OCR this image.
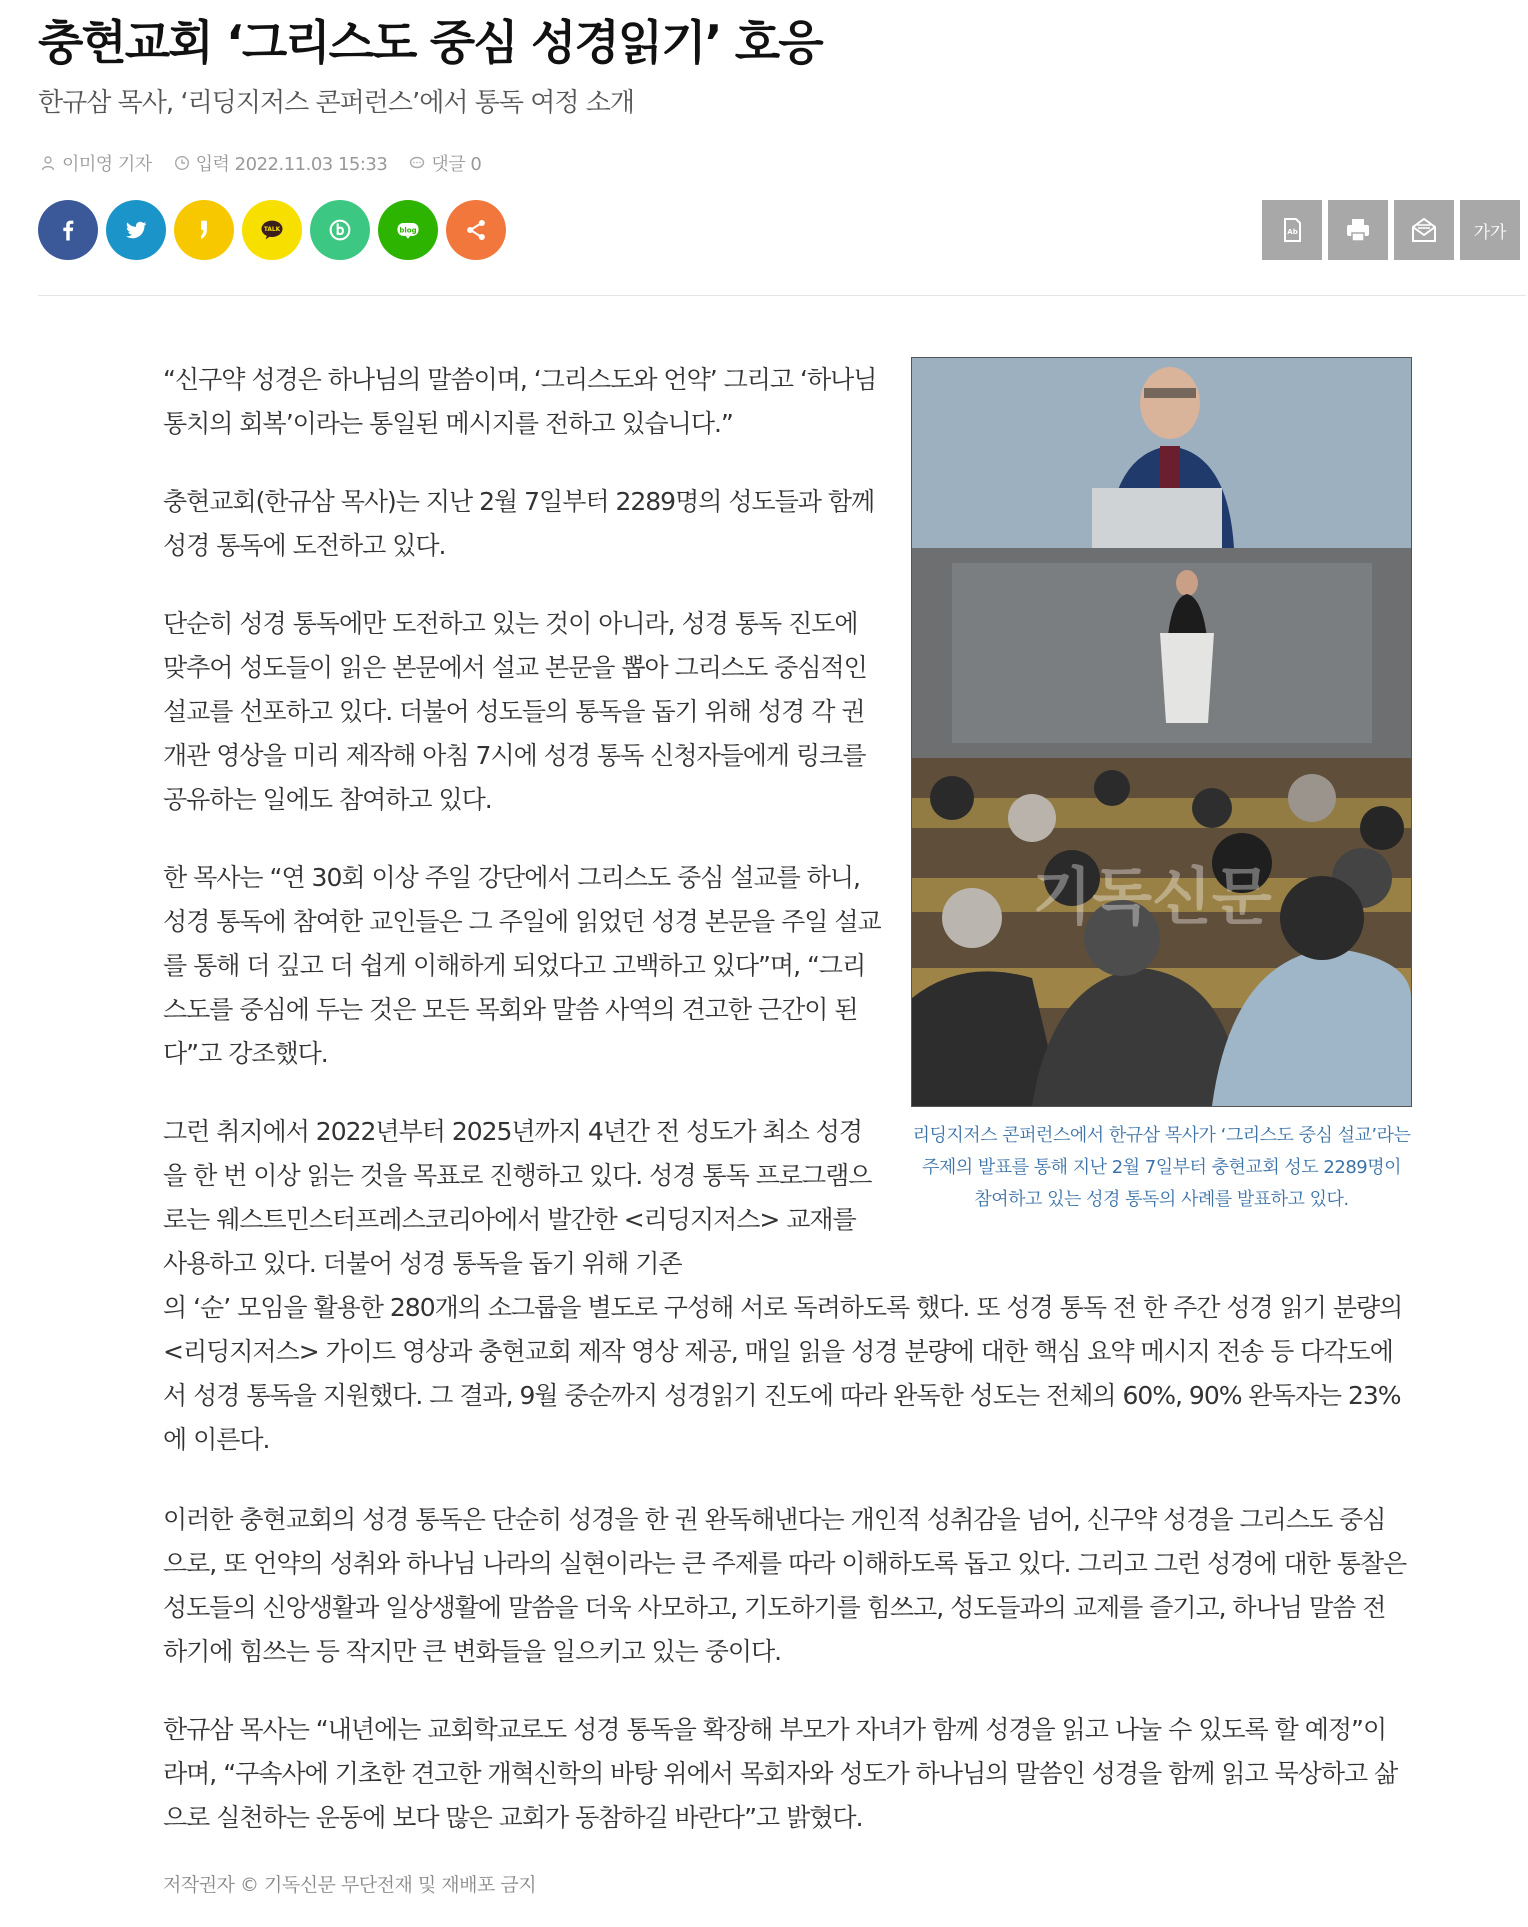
충현교회 ‘그리스도 중심 성경읽기’ 호응
한규삼 목사, ‘리딩지저스 콘퍼런스’에서 통독 여정 소개
이미영 기자 입력 2022.11.03 15:33 댓글 0
TALK	blog	Ab	가가

“신구약 성경은 하나님의 말씀이며, ‘그리스도와 언약’ 그리고 ‘하나님 통치의 회복’이라는 통일된 메시지를 전하고 있습니다.”

충현교회(한규삼 목사)는 지난 2월 7일부터 2289명의 성도들과 함께 성경 통독에 도전하고 있다.

단순히 성경 통독에만 도전하고 있는 것이 아니라, 성경 통독 진도에 맞추어 성도들이 읽은 본문에서 설교 본문을 뽑아 그리스도 중심적인 설교를 선포하고 있다. 더불어 성도들의 통독을 돕기 위해 성경 각 권 개관 영상을 미리 제작해 아침 7시에 성경 통독 신청자들에게 링크를 공유하는 일에도 참여하고 있다.

한 목사는 “연 30회 이상 주일 강단에서 그리스도 중심 설교를 하니, 성경 통독에 참여한 교인들은 그 주일에 읽었던 성경 본문을 주일 설교를 통해 더 깊고 더 쉽게 이해하게 되었다고 고백하고 있다”며, “그리스도를 중심에 두는 것은 모든 목회와 말씀 사역의 견고한 근간이 된다”고 강조했다.

그런 취지에서 2022년부터 2025년까지 4년간 전 성도가 최소 성경을 한 번 이상 읽는 것을 목표로 진행하고 있다. 성경 통독 프로그램으로는 웨스트민스터프레스코리아에서 발간한 <리딩지저스> 교재를 사용하고 있다. 더불어 성경 통독을 돕기 위해 기존

의 ‘순’ 모임을 활용한 280개의 소그룹을 별도로 구성해 서로 독려하도록 했다. 또 성경 통독 전 한 주간 성경 읽기 분량의 <리딩지저스> 가이드 영상과 충현교회 제작 영상 제공, 매일 읽을 성경 분량에 대한 핵심 요약 메시지 전송 등 다각도에서 성경 통독을 지원했다. 그 결과, 9월 중순까지 성경읽기 진도에 따라 완독한 성도는 전체의 60%, 90% 완독자는 23%에 이른다.

이러한 충현교회의 성경 통독은 단순히 성경을 한 권 완독해낸다는 개인적 성취감을 넘어, 신구약 성경을 그리스도 중심으로, 또 언약의 성취와 하나님 나라의 실현이라는 큰 주제를 따라 이해하도록 돕고 있다. 그리고 그런 성경에 대한 통찰은 성도들의 신앙생활과 일상생활에 말씀을 더욱 사모하고, 기도하기를 힘쓰고, 성도들과의 교제를 즐기고, 하나님 말씀 전하기에 힘쓰는 등 작지만 큰 변화들을 일으키고 있는 중이다.

한규삼 목사는 “내년에는 교회학교로도 성경 통독을 확장해 부모가 자녀가 함께 성경을 읽고 나눌 수 있도록 할 예정”이라며, “구속사에 기초한 견고한 개혁신학의 바탕 위에서 목회자와 성도가 하나님의 말씀인 성경을 함께 읽고 묵상하고 삶으로 실천하는 운동에 보다 많은 교회가 동참하길 바란다”고 밝혔다.

기독신문

리딩지저스 콘퍼런스에서 한규삼 목사가 ‘그리스도 중심 설교’라는 주제의 발표를 통해 지난 2월 7일부터 충현교회 성도 2289명이 참여하고 있는 성경 통독의 사례를 발표하고 있다.

저작권자 © 기독신문 무단전재 및 재배포 금지
